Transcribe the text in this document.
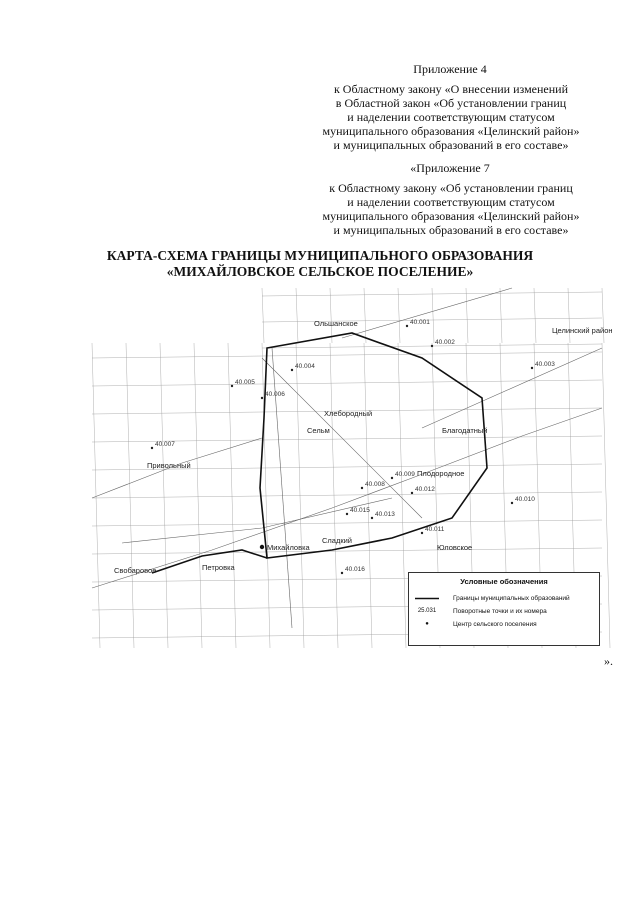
Приложение 4
к Областному закону «О внесении изменений
в Областной закон «Об установлении границ
и наделении соответствующим статусом
муниципального образования «Целинский район»
и муниципальных образований в его составе»
«Приложение 7
к Областному закону «Об установлении границ
и наделении соответствующим статусом
муниципального образования «Целинский район»
и муниципальных образований в его составе»
КАРТА-СХЕМА ГРАНИЦЫ МУНИЦИПАЛЬНОГО ОБРАЗОВАНИЯ
«МИХАЙЛОВСКОЕ СЕЛЬСКОЕ ПОСЕЛЕНИЕ»
40.001
40.002
40.003
40.004
40.005
40.006
40.007
40.008
40.009
40.010
40.011
40.012
40.013
40.015
40.016
Ольшанское
Целинский район
Хлебородный
Сельм	Благодатный
Привольный
Плодородное
Сладкий
Михайловка
Петровка
Юловское
Свобаровое
Условные обозначения
Границы муниципальных образований
25.031	Поворотные точки и их номера
●	Центр сельского поселения
».
